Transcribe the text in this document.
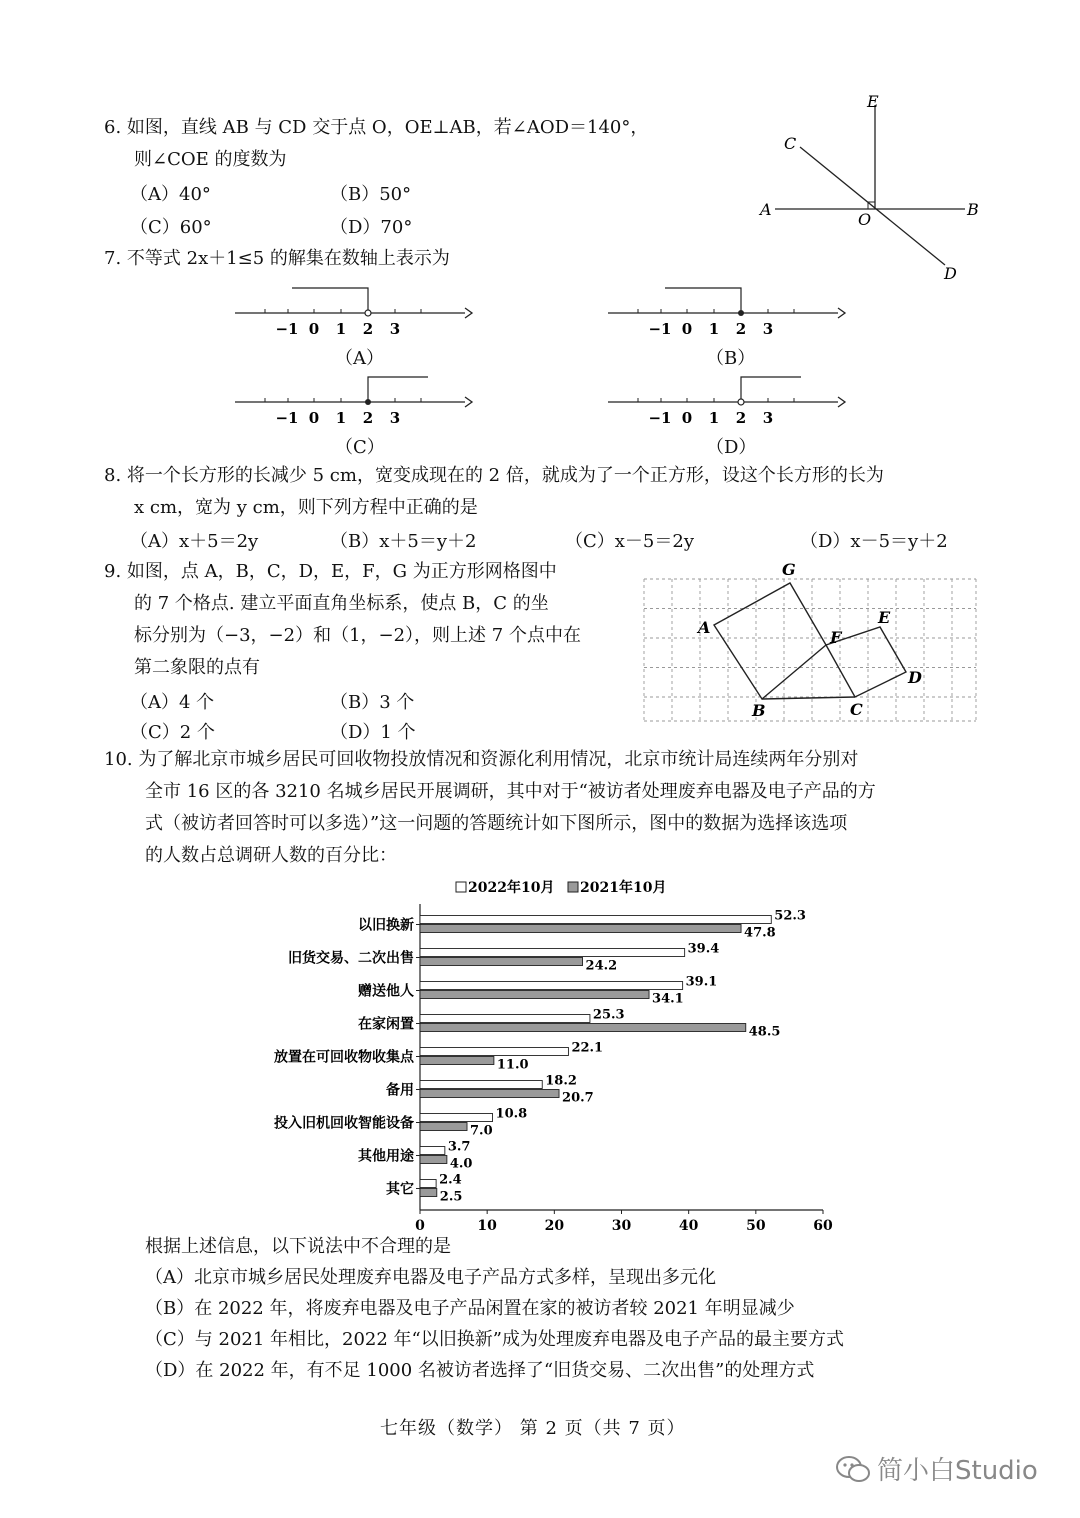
6. 如图，直线 AB 与 CD 交于点 O，OE⊥AB，若∠AOD＝140°，
则∠COE 的度数为
（A）40°	（B）50°
（C）60°	（D）70°
E
C
A
O
B
D
7. 不等式 2x＋1≤5 的解集在数轴上表示为
−1 0 1 2 3
（A）
−1 0 1 2 3
（B）
−1 0 1 2 3
（C）
−1 0 1 2 3
（D）
8. 将一个长方形的长减少 5 cm，宽变成现在的 2 倍，就成为了一个正方形，设这个长方形的长为
x cm，宽为 y cm，则下列方程中正确的是
（A）x＋5＝2y	（B）x＋5＝y＋2	（C）x－5＝2y	（D）x－5＝y＋2
9. 如图，点 A，B，C，D，E，F，G 为正方形网格图中
的 7 个格点. 建立平面直角坐标系，使点 B，C 的坐
标分别为（−3，−2）和（1，−2），则上述 7 个点中在
第二象限的点有
（A）4 个	（B）3 个
（C）2 个	（D）1 个
G
A
F
E
D
B	C
10. 为了解北京市城乡居民可回收物投放情况和资源化利用情况，北京市统计局连续两年分别对
全市 16 区的各 3210 名城乡居民开展调研，其中对于“被访者处理废弃电器及电子产品的方
式（被访者回答时可以多选）”这一问题的答题统计如下图所示，图中的数据为选择该选项
的人数占总调研人数的百分比：
2022年10月 2021年10月
0	10	20	30	40	50	60
以旧换新
52.3
47.8
旧货交易、二次出售
39.4
24.2
赠送他人
39.1
34.1
在家闲置
25.3
48.5
放置在可回收物收集点
22.1
11.0
备用
18.2
20.7
投入旧机回收智能设备
10.8
7.0
其他用途
3.7
4.0
其它
2.4
2.5
根据上述信息，以下说法中不合理的是
（A）北京市城乡居民处理废弃电器及电子产品方式多样，呈现出多元化
（B）在 2022 年，将废弃电器及电子产品闲置在家的被访者较 2021 年明显减少
（C）与 2021 年相比，2022 年“以旧换新”成为处理废弃电器及电子产品的最主要方式
（D）在 2022 年，有不足 1000 名被访者选择了“旧货交易、二次出售”的处理方式
七年级（数学） 第 2 页（共 7 页）
简小白Studio
